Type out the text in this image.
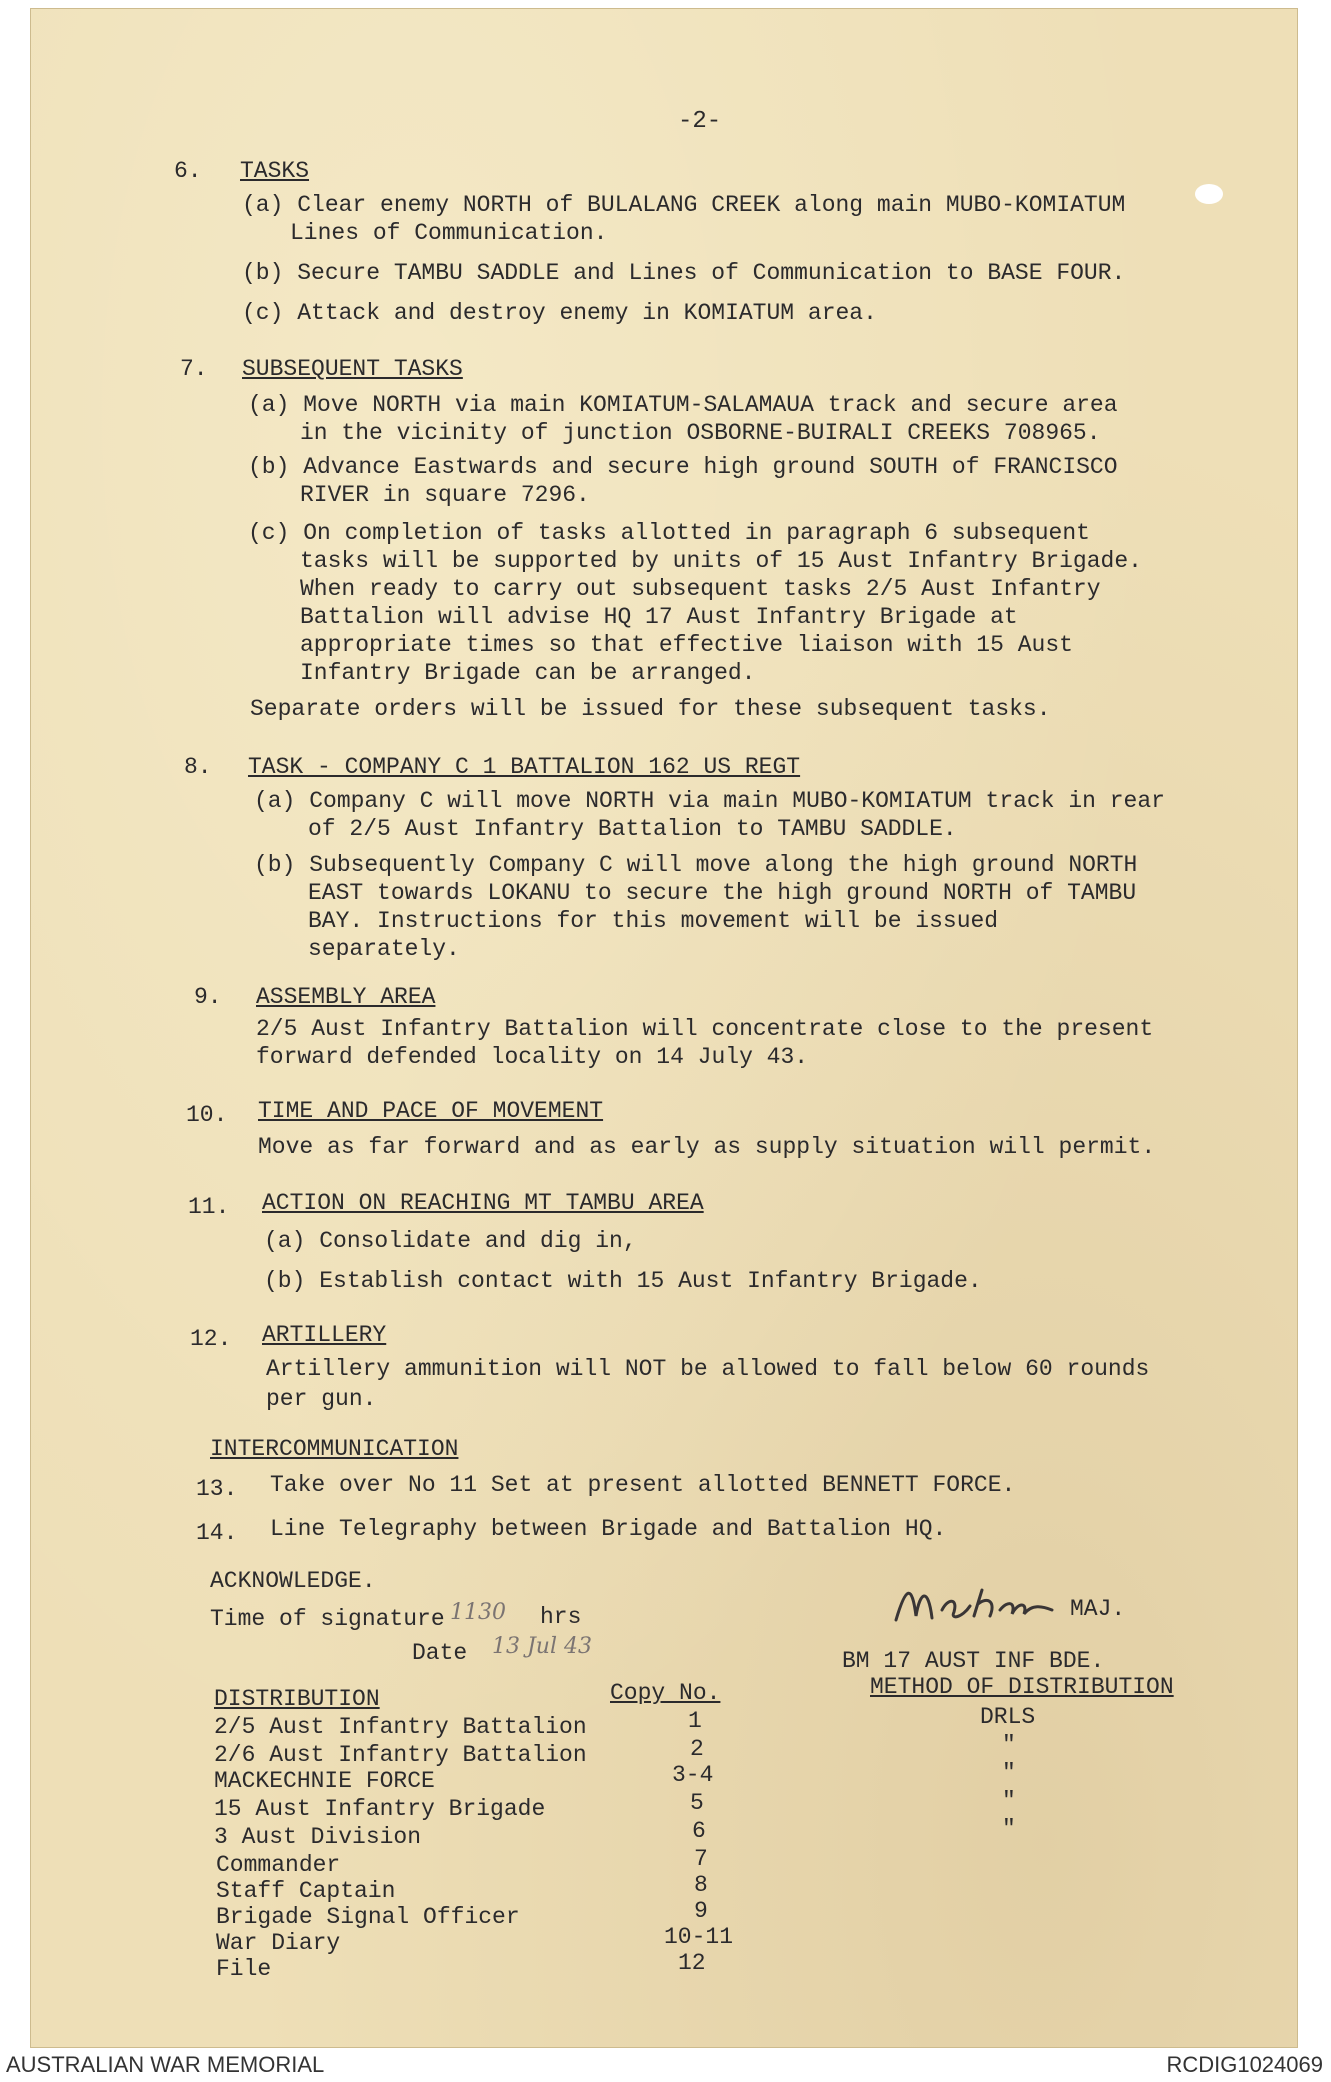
-2-
6. TASKS
(a) Clear enemy NORTH of BULALANG CREEK along main MUBO-KOMIATUM
Lines of Communication.
(b) Secure TAMBU SADDLE and Lines of Communication to BASE FOUR.
(c) Attack and destroy enemy in KOMIATUM area.
7. SUBSEQUENT TASKS
(a) Move NORTH via main KOMIATUM-SALAMAUA track and secure area
in the vicinity of junction OSBORNE-BUIRALI CREEKS 708965.
(b) Advance Eastwards and secure high ground SOUTH of FRANCISCO
RIVER in square 7296.
(c) On completion of tasks allotted in paragraph 6 subsequent
tasks will be supported by units of 15 Aust Infantry Brigade.
When ready to carry out subsequent tasks 2/5 Aust Infantry
Battalion will advise HQ 17 Aust Infantry Brigade at
appropriate times so that effective liaison with 15 Aust
Infantry Brigade can be arranged.
Separate orders will be issued for these subsequent tasks.
8. TASK - COMPANY C 1 BATTALION 162 US REGT
(a) Company C will move NORTH via main MUBO-KOMIATUM track in rear
of 2/5 Aust Infantry Battalion to TAMBU SADDLE.
(b) Subsequently Company C will move along the high ground NORTH
EAST towards LOKANU to secure the high ground NORTH of TAMBU
BAY. Instructions for this movement will be issued
separately.
9. ASSEMBLY AREA
2/5 Aust Infantry Battalion will concentrate close to the present
forward defended locality on 14 July 43.
10. TIME AND PACE OF MOVEMENT
Move as far forward and as early as supply situation will permit.
11. ACTION ON REACHING MT TAMBU AREA
(a) Consolidate and dig in,
(b) Establish contact with 15 Aust Infantry Brigade.
12. ARTILLERY
Artillery ammunition will NOT be allowed to fall below 60 rounds
per gun.
INTERCOMMUNICATION
13. Take over No 11 Set at present allotted BENNETT FORCE.
14. Line Telegraphy between Brigade and Battalion HQ.
ACKNOWLEDGE.
Time of signature 1130 hrs
Date 13 Jul 43
MAJ.
BM 17 AUST INF BDE.
DISTRIBUTION	Copy No.	METHOD OF DISTRIBUTION
2/5 Aust Infantry Battalion	1	DRLS
2/6 Aust Infantry Battalion	2	"
MACKECHNIE FORCE	3-4	"
15 Aust Infantry Brigade	5	"
3 Aust Division	6	"
Commander	7
Staff Captain	8
Brigade Signal Officer	9
War Diary	10-11
File	12
AUSTRALIAN WAR MEMORIAL	RCDIG1024069
